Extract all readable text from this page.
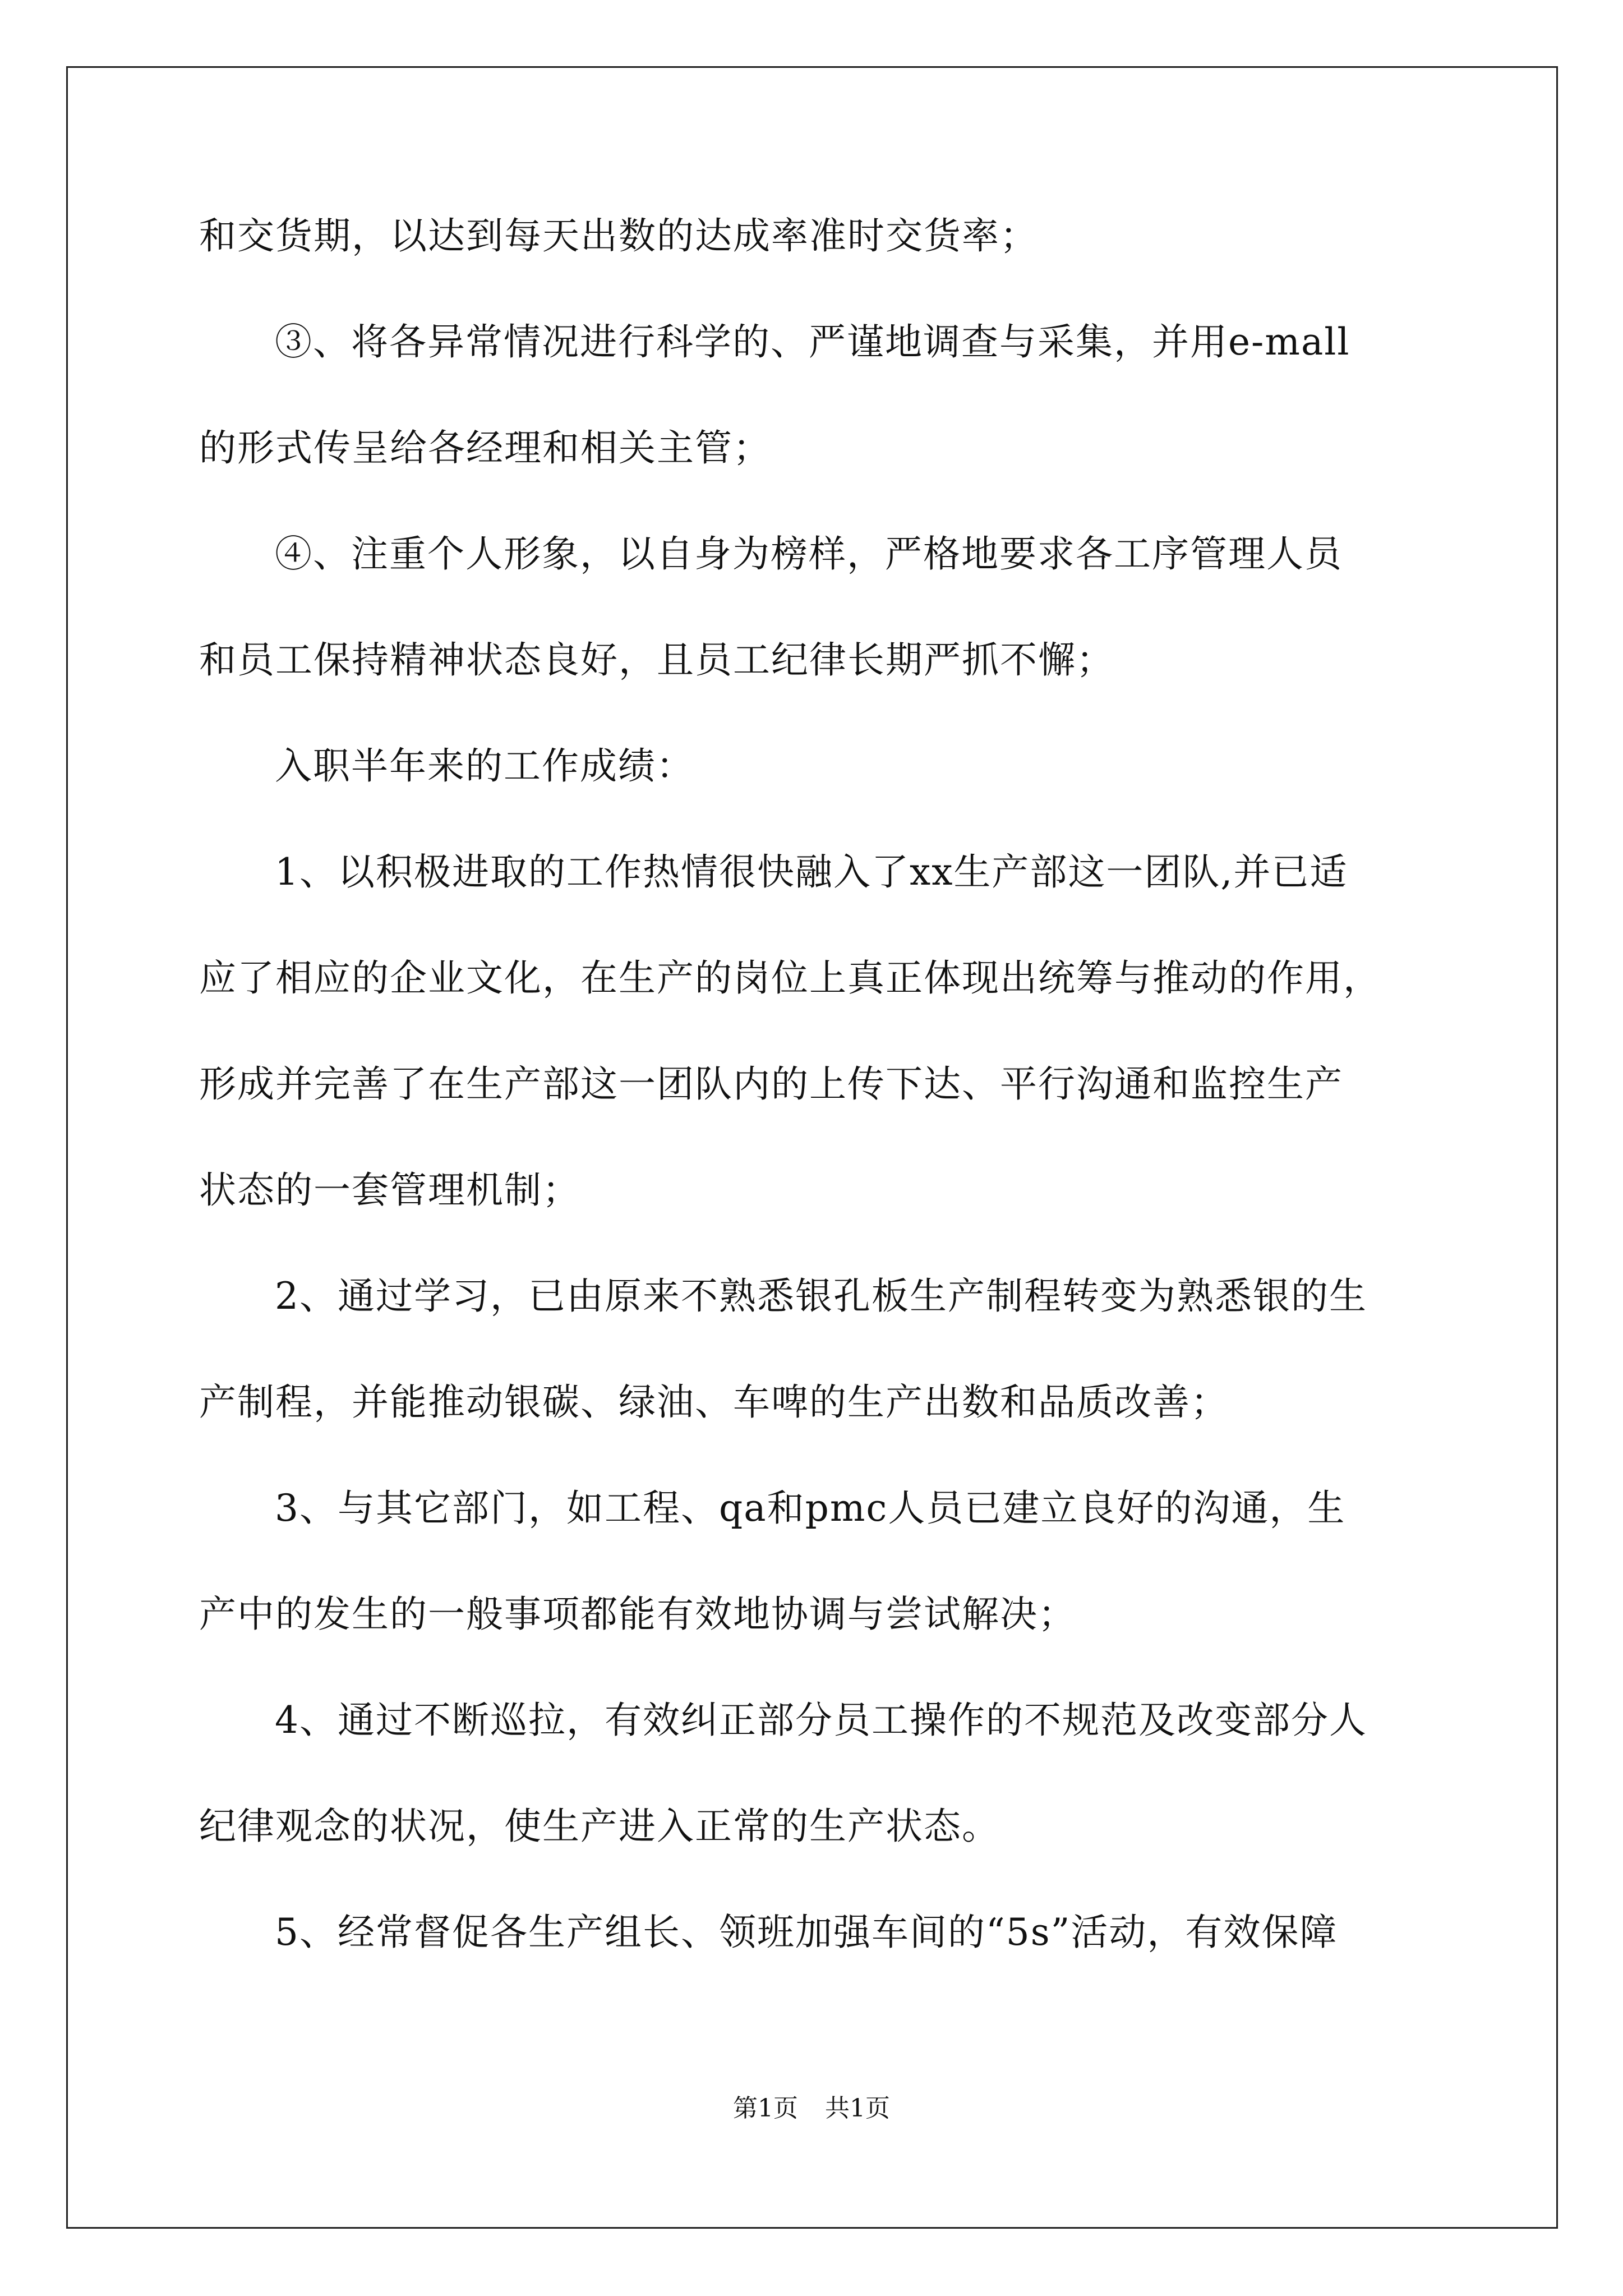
和交货期，以达到每天出数的达成率准时交货率；
③、将各异常情况进行科学的、严谨地调查与采集，并用e-mall
的形式传呈给各经理和相关主管；
④、注重个人形象，以自身为榜样，严格地要求各工序管理人员
和员工保持精神状态良好，且员工纪律长期严抓不懈；
入职半年来的工作成绩：
1、以积极进取的工作热情很快融入了xx生产部这一团队,并已适
应了相应的企业文化，在生产的岗位上真正体现出统筹与推动的作用，
形成并完善了在生产部这一团队内的上传下达、平行沟通和监控生产
状态的一套管理机制；
2、通过学习，已由原来不熟悉银孔板生产制程转变为熟悉银的生
产制程，并能推动银碳、绿油、车啤的生产出数和品质改善；
3、与其它部门，如工程、qa和pmc人员已建立良好的沟通，生
产中的发生的一般事项都能有效地协调与尝试解决；
4、通过不断巡拉，有效纠正部分员工操作的不规范及改变部分人
纪律观念的状况，使生产进入正常的生产状态。
5、经常督促各生产组长、领班加强车间的“5s”活动，有效保障
第1页 共1页
